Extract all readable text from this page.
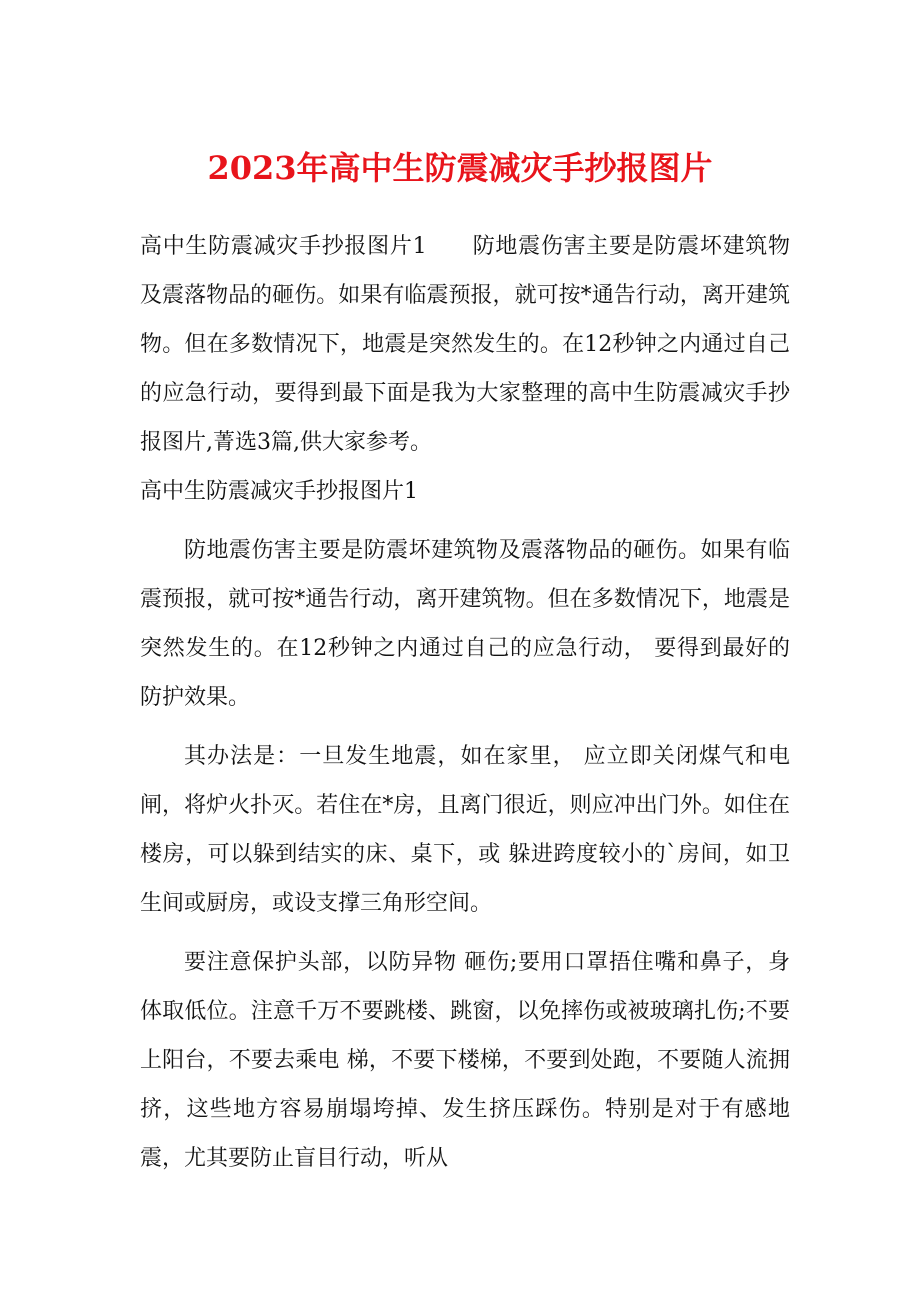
2023年高中生防震减灾手抄报图片

高中生防震减灾手抄报图片1　　防地震伤害主要是防震坏建筑物及震落物品的砸伤。如果有临震预报，就可按*通告行动，离开建筑物。但在多数情况下，地震是突然发生的。在12秒钟之内通过自己的应急行动，要得到最下面是我为大家整理的高中生防震减灾手抄报图片,菁选3篇,供大家参考。

高中生防震减灾手抄报图片1

防地震伤害主要是防震坏建筑物及震落物品的砸伤。如果有临震预报，就可按*通告行动，离开建筑物。但在多数情况下，地震是突然发生的。在12秒钟之内通过自己的应急行动， 要得到最好的防护效果。

其办法是：一旦发生地震，如在家里， 应立即关闭煤气和电闸，将炉火扑灭。若住在*房，且离门很近，则应冲出门外。如住在楼房，可以躲到结实的床、桌下，或 躲进跨度较小的`房间，如卫生间或厨房，或设支撑三角形空间。

要注意保护头部，以防异物 砸伤;要用口罩捂住嘴和鼻子，身体取低位。注意千万不要跳楼、跳窗，以免摔伤或被玻璃扎伤;不要上阳台，不要去乘电 梯，不要下楼梯，不要到处跑，不要随人流拥挤，这些地方容易崩塌垮掉、发生挤压踩伤。特别是对于有感地震，尤其要防止盲目行动，听从
